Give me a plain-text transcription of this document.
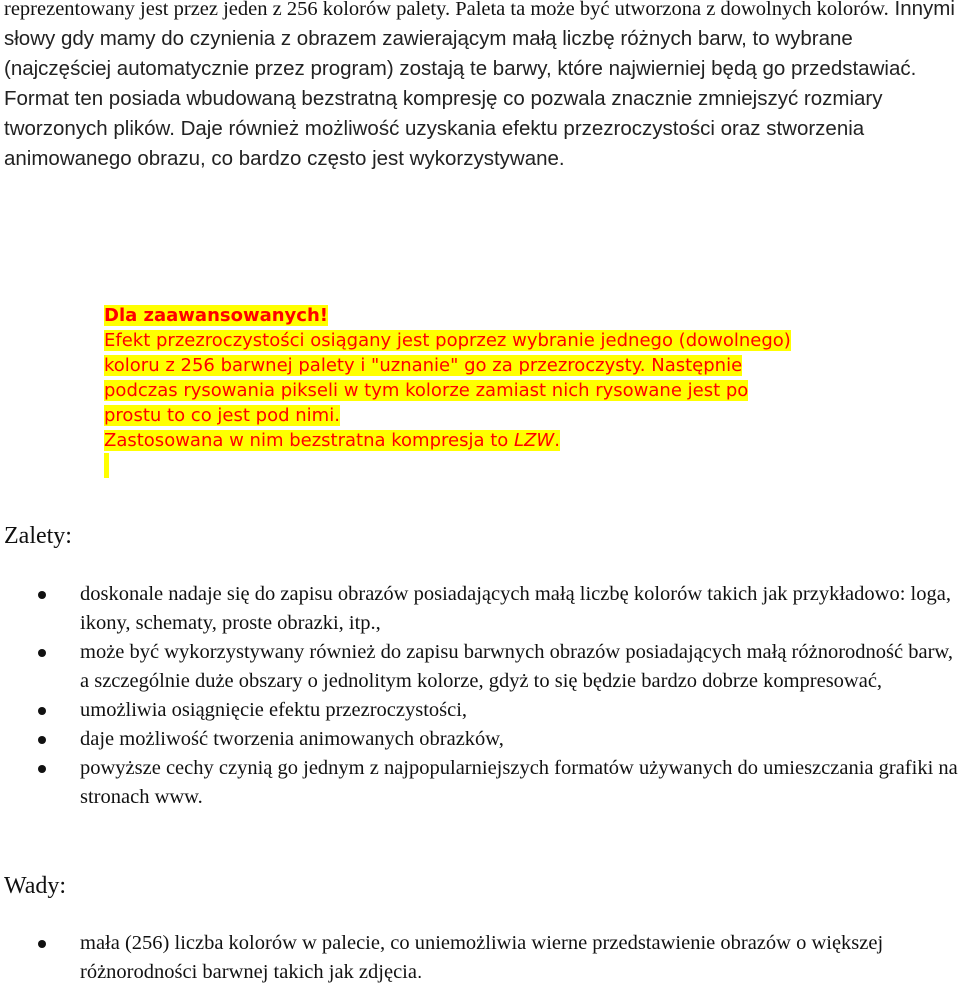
reprezentowany jest przez jeden z 256 kolorów palety. Paleta ta może być utworzona z dowolnych kolorów. Innymi słowy gdy mamy do czynienia z obrazem zawierającym małą liczbę różnych barw, to wybrane (najczęściej automatycznie przez program) zostają te barwy, które najwierniej będą go przedstawiać. Format ten posiada wbudowaną bezstratną kompresję co pozwala znacznie zmniejszyć rozmiary tworzonych plików. Daje również możliwość uzyskania efektu przezroczystości oraz stworzenia animowanego obrazu, co bardzo często jest wykorzystywane.

Dla zaawansowanych!
Efekt przezroczystości osiągany jest poprzez wybranie jednego (dowolnego)
koloru z 256 barwnej palety i "uznanie" go za przezroczysty. Następnie
podczas rysowania pikseli w tym kolorze zamiast nich rysowane jest po
prostu to co jest pod nimi.
Zastosowana w nim bezstratna kompresja to LZW.
Zalety:
doskonale nadaje się do zapisu obrazów posiadających małą liczbę kolorów takich jak przykładowo: loga, ikony, schematy, proste obrazki, itp.,
może być wykorzystywany również do zapisu barwnych obrazów posiadających małą różnorodność barw, a szczególnie duże obszary o jednolitym kolorze, gdyż to się będzie bardzo dobrze kompresować,
umożliwia osiągnięcie efektu przezroczystości,
daje możliwość tworzenia animowanych obrazków,
powyższe cechy czynią go jednym z najpopularniejszych formatów używanych do umieszczania grafiki na stronach www.
Wady:
mała (256) liczba kolorów w palecie, co uniemożliwia wierne przedstawienie obrazów o większej różnorodności barwnej takich jak zdjęcia.
